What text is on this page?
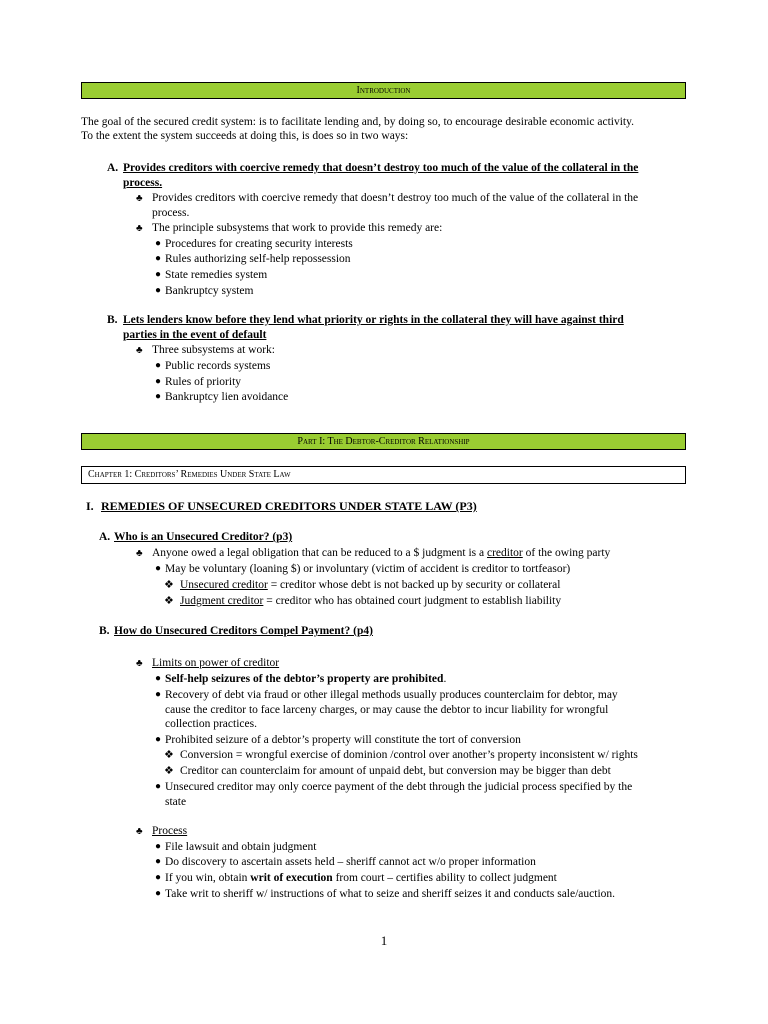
Introduction
The goal of the secured credit system: is to facilitate lending and, by doing so, to encourage desirable economic activity.
To the extent the system succeeds at doing this, is does so in two ways:
A. Provides creditors with coercive remedy that doesn’t destroy too much of the value of the collateral in the
process.
♣ Provides creditors with coercive remedy that doesn’t destroy too much of the value of the collateral in the
process.
♣ The principle subsystems that work to provide this remedy are:
● Procedures for creating security interests
● Rules authorizing self-help repossession
● State remedies system
● Bankruptcy system
B. Lets lenders know before they lend what priority or rights in the collateral they will have against third
parties in the event of default
♣ Three subsystems at work:
● Public records systems
● Rules of priority
● Bankruptcy lien avoidance
Part I: The Debtor-Creditor Relationship
Chapter 1: Creditors’ Remedies Under State Law
I. REMEDIES OF UNSECURED CREDITORS UNDER STATE LAW (P3)
A. Who is an Unsecured Creditor? (p3)
♣ Anyone owed a legal obligation that can be reduced to a $ judgment is a creditor of the owing party
● May be voluntary (loaning $) or involuntary (victim of accident is creditor to tortfeasor)
❖ Unsecured creditor = creditor whose debt is not backed up by security or collateral
❖ Judgment creditor = creditor who has obtained court judgment to establish liability
B. How do Unsecured Creditors Compel Payment? (p4)
♣ Limits on power of creditor
● Self-help seizures of the debtor’s property are prohibited.
● Recovery of debt via fraud or other illegal methods usually produces counterclaim for debtor, may
cause the creditor to face larceny charges, or may cause the debtor to incur liability for wrongful
collection practices.
● Prohibited seizure of a debtor’s property will constitute the tort of conversion
❖ Conversion = wrongful exercise of dominion /control over another’s property inconsistent w/ rights
❖ Creditor can counterclaim for amount of unpaid debt, but conversion may be bigger than debt
● Unsecured creditor may only coerce payment of the debt through the judicial process specified by the
state
♣ Process
● File lawsuit and obtain judgment
● Do discovery to ascertain assets held – sheriff cannot act w/o proper information
● If you win, obtain writ of execution from court – certifies ability to collect judgment
● Take writ to sheriff w/ instructions of what to seize and sheriff seizes it and conducts sale/auction.
1
